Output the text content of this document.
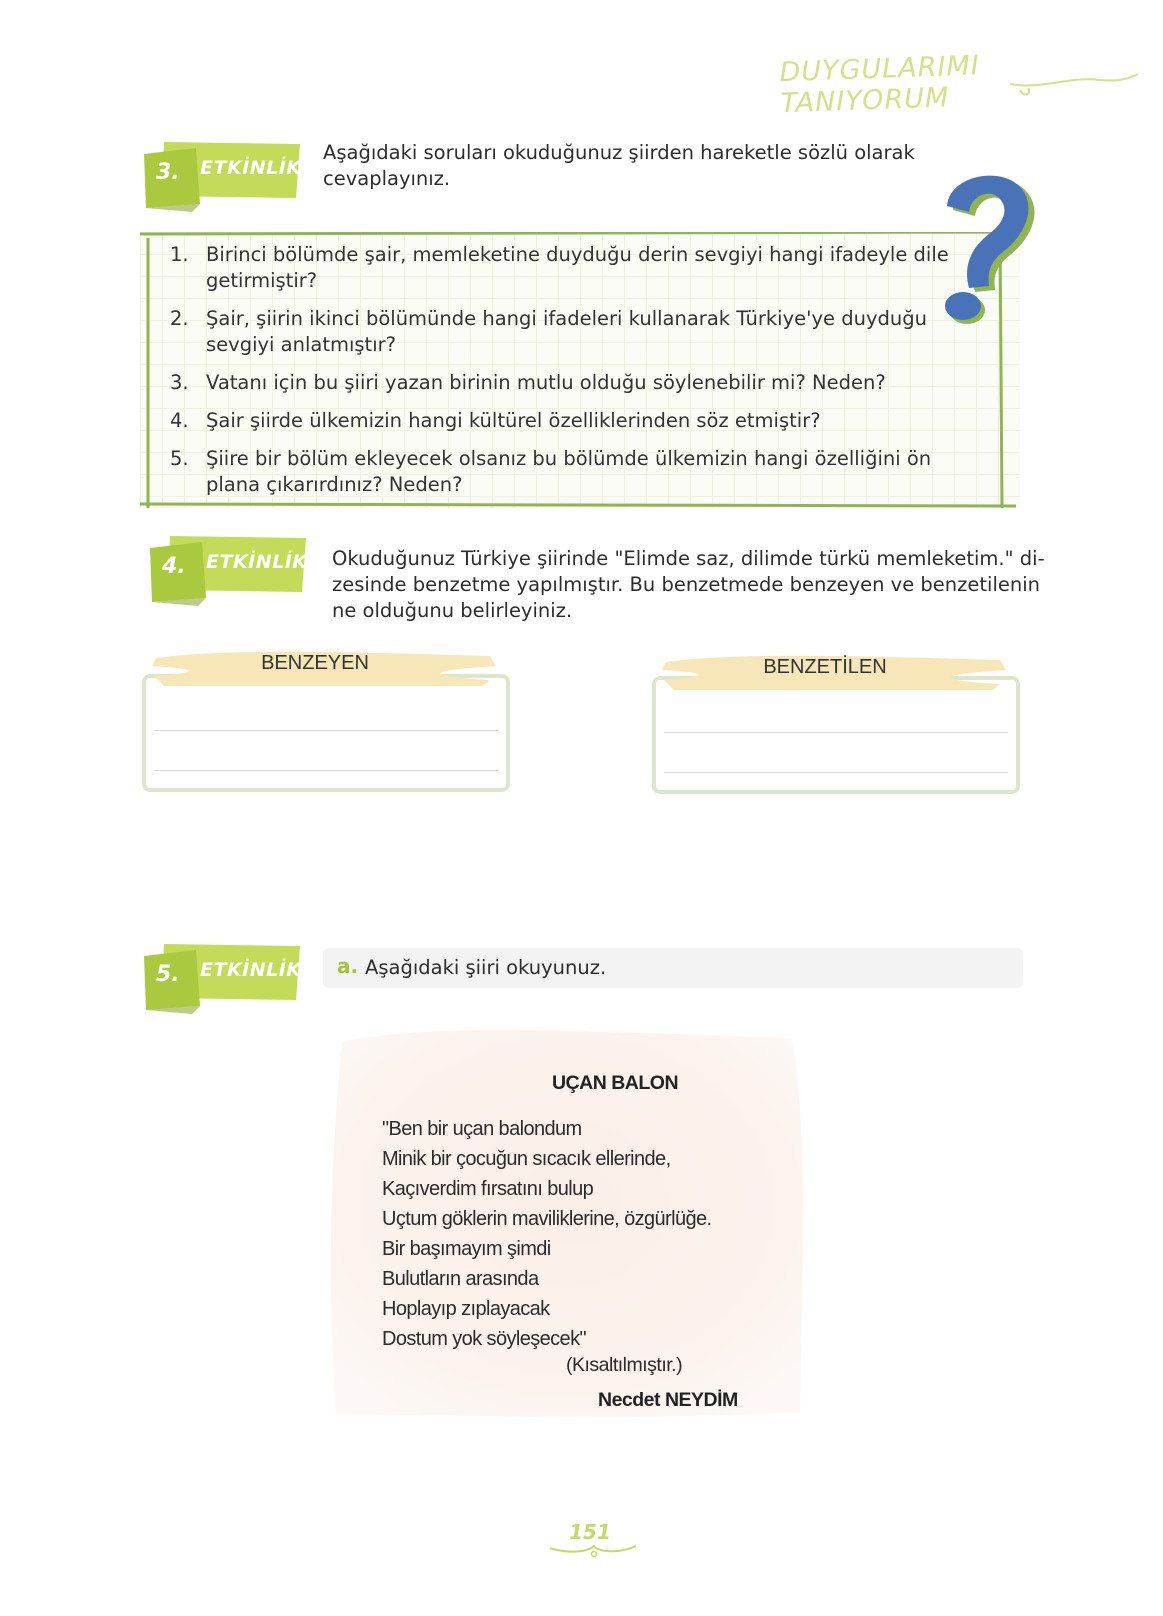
DUYGULARIMI TANIYORUM
3. ETKİNLİK
Aşağıdaki soruları okuduğunuz şiirden hareketle sözlü olarak
cevaplayınız.
1. Birinci bölümde şair, memleketine duyduğu derin sevgiyi hangi ifadeyle dile getirmiştir?
2. Şair, şiirin ikinci bölümünde hangi ifadeleri kullanarak Türkiye'ye duyduğu sevgiyi anlatmıştır?
3. Vatanı için bu şiiri yazan birinin mutlu olduğu söylenebilir mi? Neden?
4. Şair şiirde ülkemizin hangi kültürel özelliklerinden söz etmiştir?
5. Şiire bir bölüm ekleyecek olsanız bu bölümde ülkemizin hangi özelliğini ön plana çıkarırdınız? Neden?
4. ETKİNLİK Okuduğunuz Türkiye şiirinde "Elimde saz, dilimde türkü memleketim." di-
zesinde benzetme yapılmıştır. Bu benzetmede benzeyen ve benzetilenin
ne olduğunu belirleyiniz.
BENZEYEN	BENZETİLEN
5. ETKİNLİK a. Aşağıdaki şiiri okuyunuz.
UÇAN BALON
"Ben bir uçan balondum
Minik bir çocuğun sıcacık ellerinde,
Kaçıverdim fırsatını bulup
Uçtum göklerin maviliklerine, özgürlüğe.
Bir başımayım şimdi
Bulutların arasında
Hoplayıp zıplayacak
Dostum yok söyleşecek"
(Kısaltılmıştır.)
Necdet NEYDİM
151
